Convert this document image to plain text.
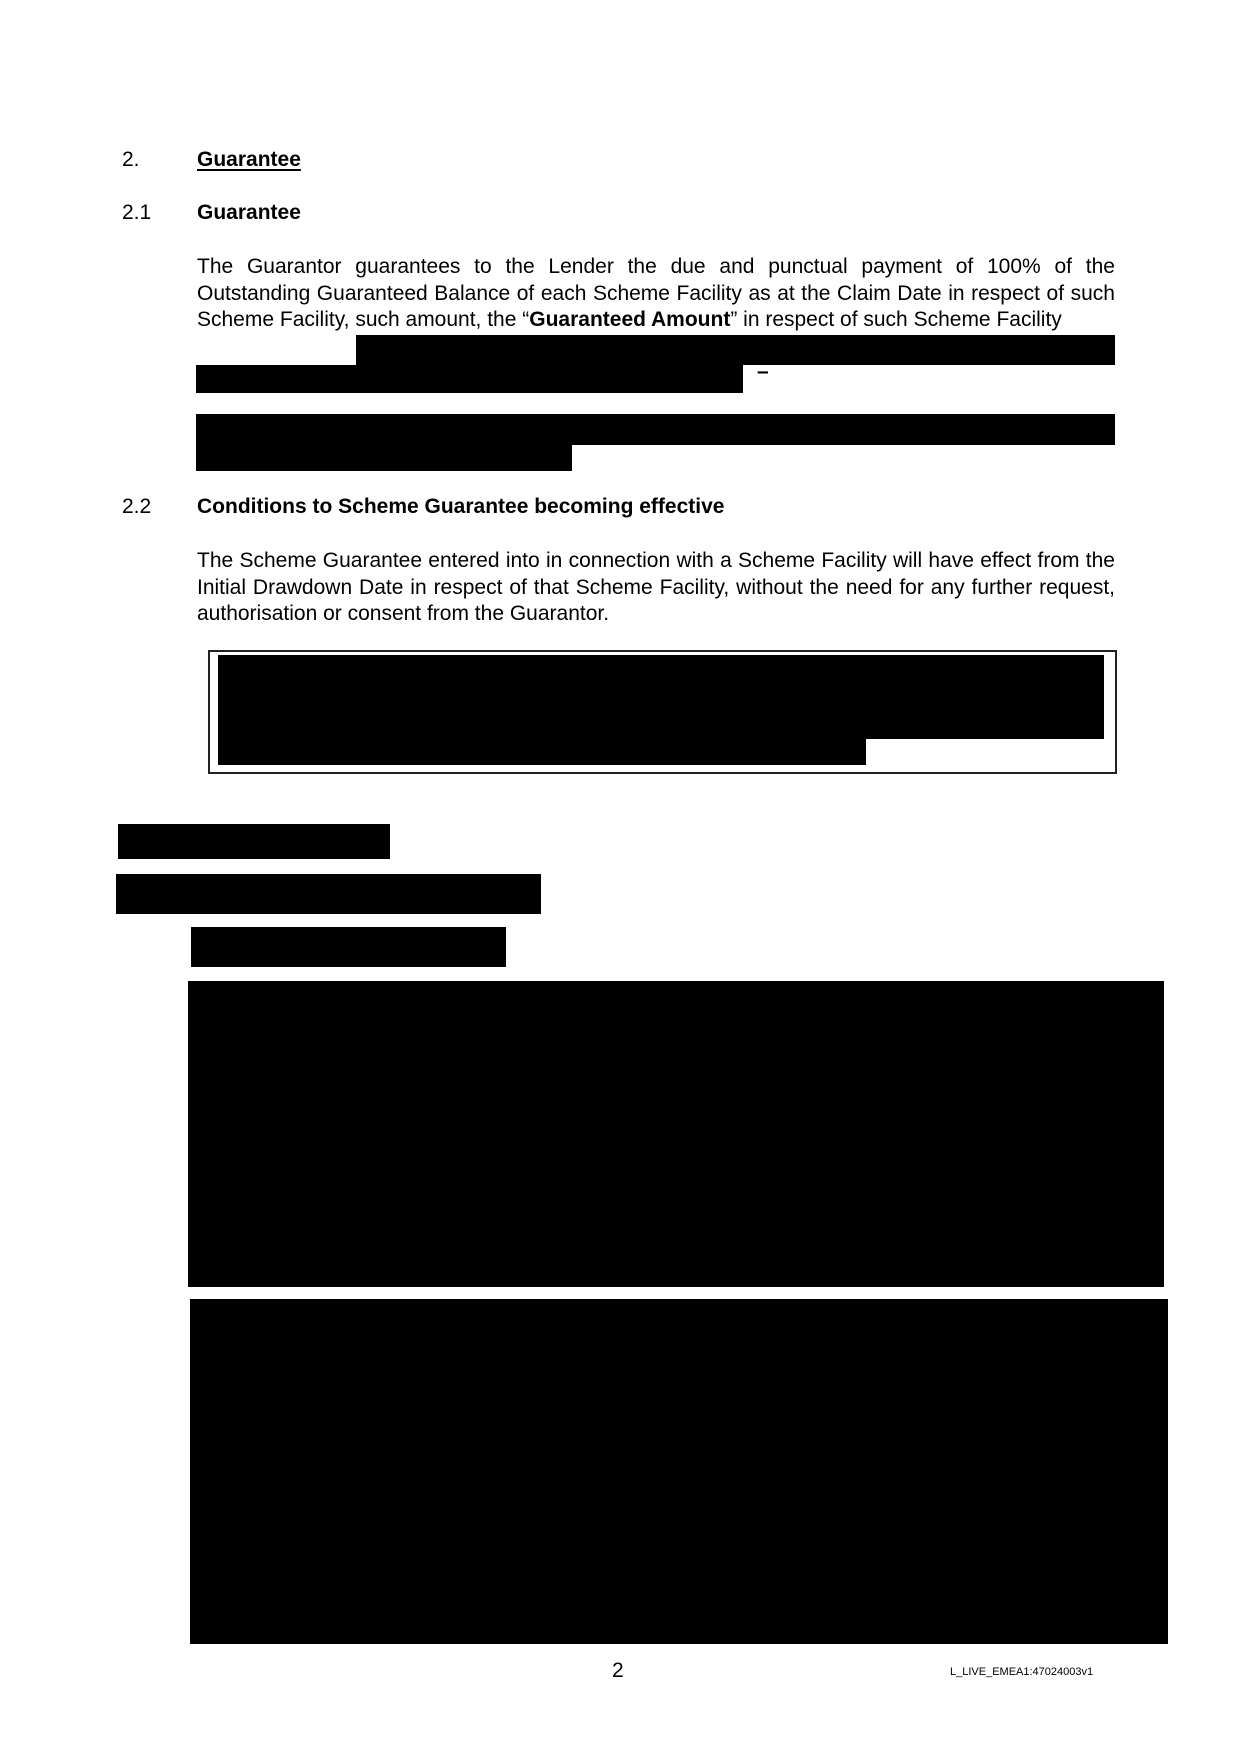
2.	Guarantee
2.1 Guarantee
The Guarantor guarantees to the Lender the due and punctual payment of 100% of the Outstanding Guaranteed Balance of each Scheme Facility as at the Claim Date in respect of such Scheme Facility, such amount, the “Guaranteed Amount” in respect of such Scheme Facility
–
2.2 Conditions to Scheme Guarantee becoming effective
The Scheme Guarantee entered into in connection with a Scheme Facility will have effect from the Initial Drawdown Date in respect of that Scheme Facility, without the need for any further request, authorisation or consent from the Guarantor.
2	L_LIVE_EMEA1:47024003v1
